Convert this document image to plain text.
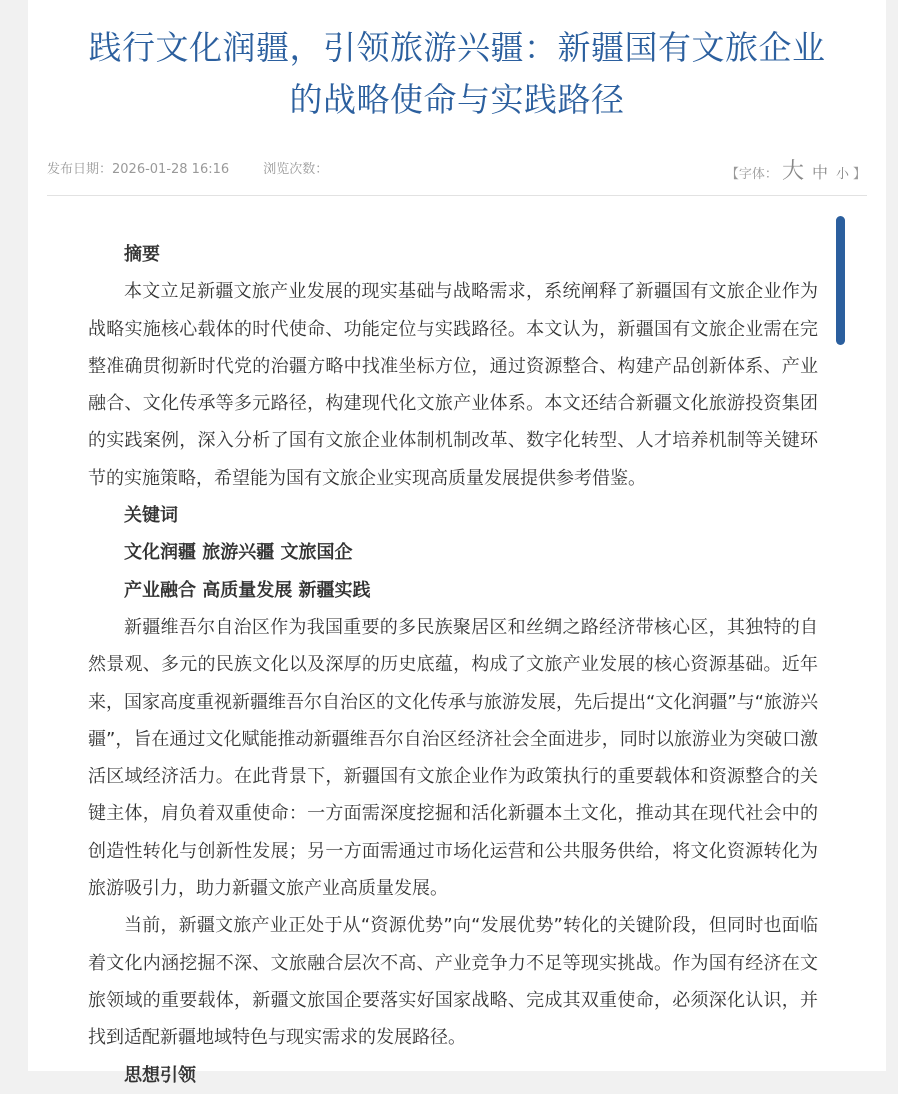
践行文化润疆，引领旅游兴疆：新疆国有文旅企业
的战略使命与实践路径
发布日期：2026-01-28 16:16	浏览次数：	【字体： 大 中 小 】

摘要

本文立足新疆文旅产业发展的现实基础与战略需求，系统阐释了新疆国有文旅企业作为战略实施核心载体的时代使命、功能定位与实践路径。本文认为，新疆国有文旅企业需在完整准确贯彻新时代党的治疆方略中找准坐标方位，通过资源整合、构建产品创新体系、产业融合、文化传承等多元路径，构建现代化文旅产业体系。本文还结合新疆文化旅游投资集团的实践案例，深入分析了国有文旅企业体制机制改革、数字化转型、人才培养机制等关键环节的实施策略，希望能为国有文旅企业实现高质量发展提供参考借鉴。

关键词

文化润疆 旅游兴疆 文旅国企

产业融合 高质量发展 新疆实践

新疆维吾尔自治区作为我国重要的多民族聚居区和丝绸之路经济带核心区，其独特的自然景观、多元的民族文化以及深厚的历史底蕴，构成了文旅产业发展的核心资源基础。近年来，国家高度重视新疆维吾尔自治区的文化传承与旅游发展，先后提出“文化润疆”与“旅游兴疆”，旨在通过文化赋能推动新疆维吾尔自治区经济社会全面进步，同时以旅游业为突破口激活区域经济活力。在此背景下，新疆国有文旅企业作为政策执行的重要载体和资源整合的关键主体，肩负着双重使命：一方面需深度挖掘和活化新疆本土文化，推动其在现代社会中的创造性转化与创新性发展；另一方面需通过市场化运营和公共服务供给，将文化资源转化为旅游吸引力，助力新疆文旅产业高质量发展。

当前，新疆文旅产业正处于从“资源优势”向“发展优势”转化的关键阶段，但同时也面临着文化内涵挖掘不深、文旅融合层次不高、产业竞争力不足等现实挑战。作为国有经济在文旅领域的重要载体，新疆文旅国企要落实好国家战略、完成其双重使命，必须深化认识，并找到适配新疆地域特色与现实需求的发展路径。

思想引领
